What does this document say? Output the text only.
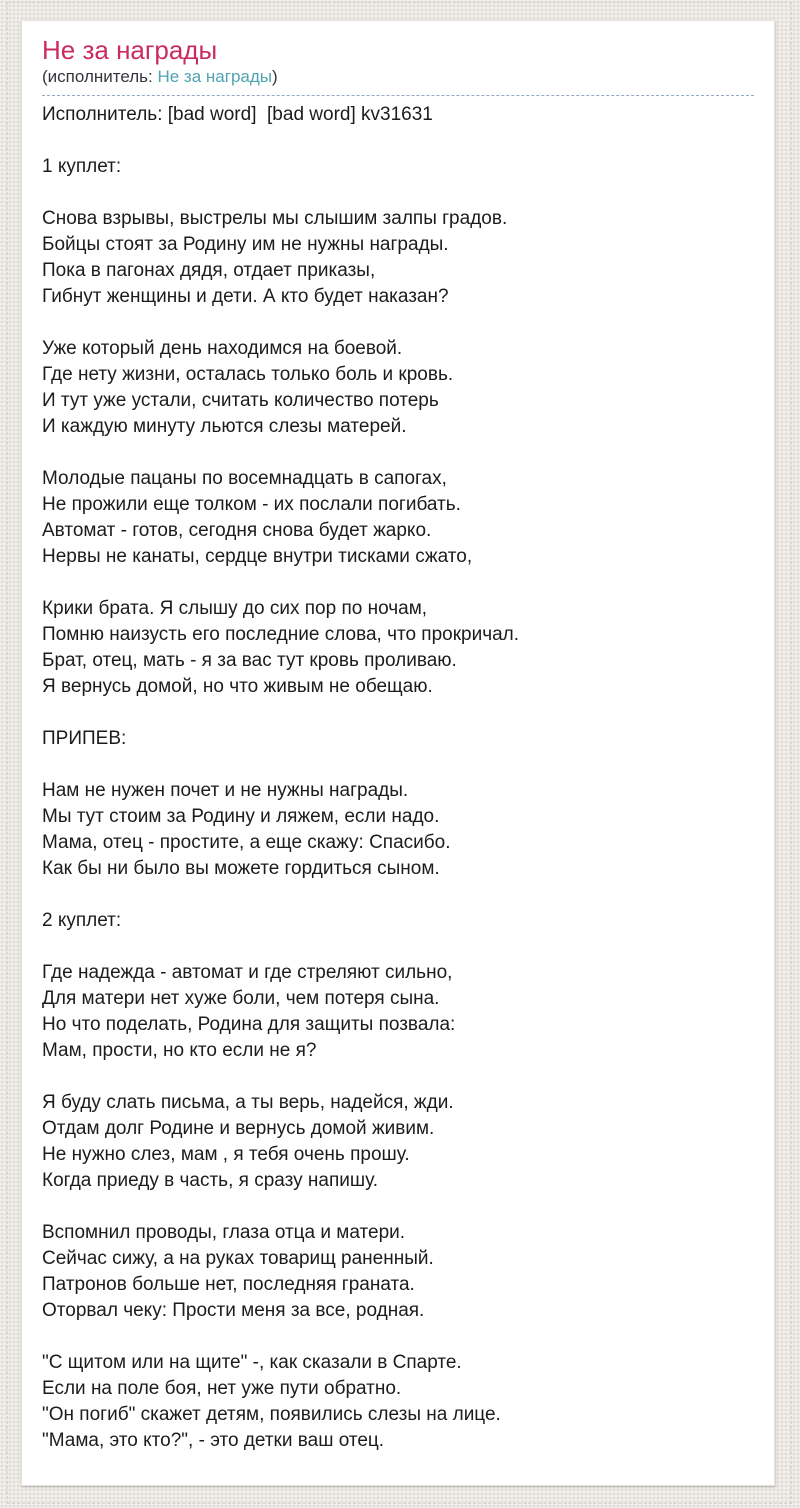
Не за награды
(исполнитель: Не за награды)

Исполнитель: [bad word]  [bad word] kv31631

1 куплет:

Снова взрывы, выстрелы мы слышим залпы градов.
Бойцы стоят за Родину им не нужны награды.
Пока в пагонах дядя, отдает приказы,
Гибнут женщины и дети. А кто будет наказан?

Уже который день находимся на боевой.
Где нету жизни, осталась только боль и кровь.
И тут уже устали, считать количество потерь
И каждую минуту льются слезы матерей.

Молодые пацаны по восемнадцать в сапогах,
Не прожили еще толком - их послали погибать.
Автомат - готов, сегодня снова будет жарко.
Нервы не канаты, сердце внутри тисками сжато,

Крики брата. Я слышу до сих пор по ночам,
Помню наизусть его последние слова, что прокричал.
Брат, отец, мать - я за вас тут кровь проливаю.
Я вернусь домой, но что живым не обещаю.

ПРИПЕВ:

Нам не нужен почет и не нужны награды.
Мы тут стоим за Родину и ляжем, если надо.
Мама, отец - простите, а еще скажу: Спасибо.
Как бы ни было вы можете гордиться сыном.

2 куплет:

Где надежда - автомат и где стреляют сильно,
Для матери нет хуже боли, чем потеря сына.
Но что поделать, Родина для защиты позвала:
Мам, прости, но кто если не я?

Я буду слать письма, а ты верь, надейся, жди.
Отдам долг Родине и вернусь домой живим.
Не нужно слез, мам , я тебя очень прошу.
Когда приеду в часть, я сразу напишу.

Вспомнил проводы, глаза отца и матери.
Сейчас сижу, а на руках товарищ раненный.
Патронов больше нет, последняя граната.
Оторвал чеку: Прости меня за все, родная.

"С щитом или на щите" -, как сказали в Спарте.
Если на поле боя, нет уже пути обратно.
"Он погиб" скажет детям, появились слезы на лице.
"Мама, это кто?", - это детки ваш отец.
